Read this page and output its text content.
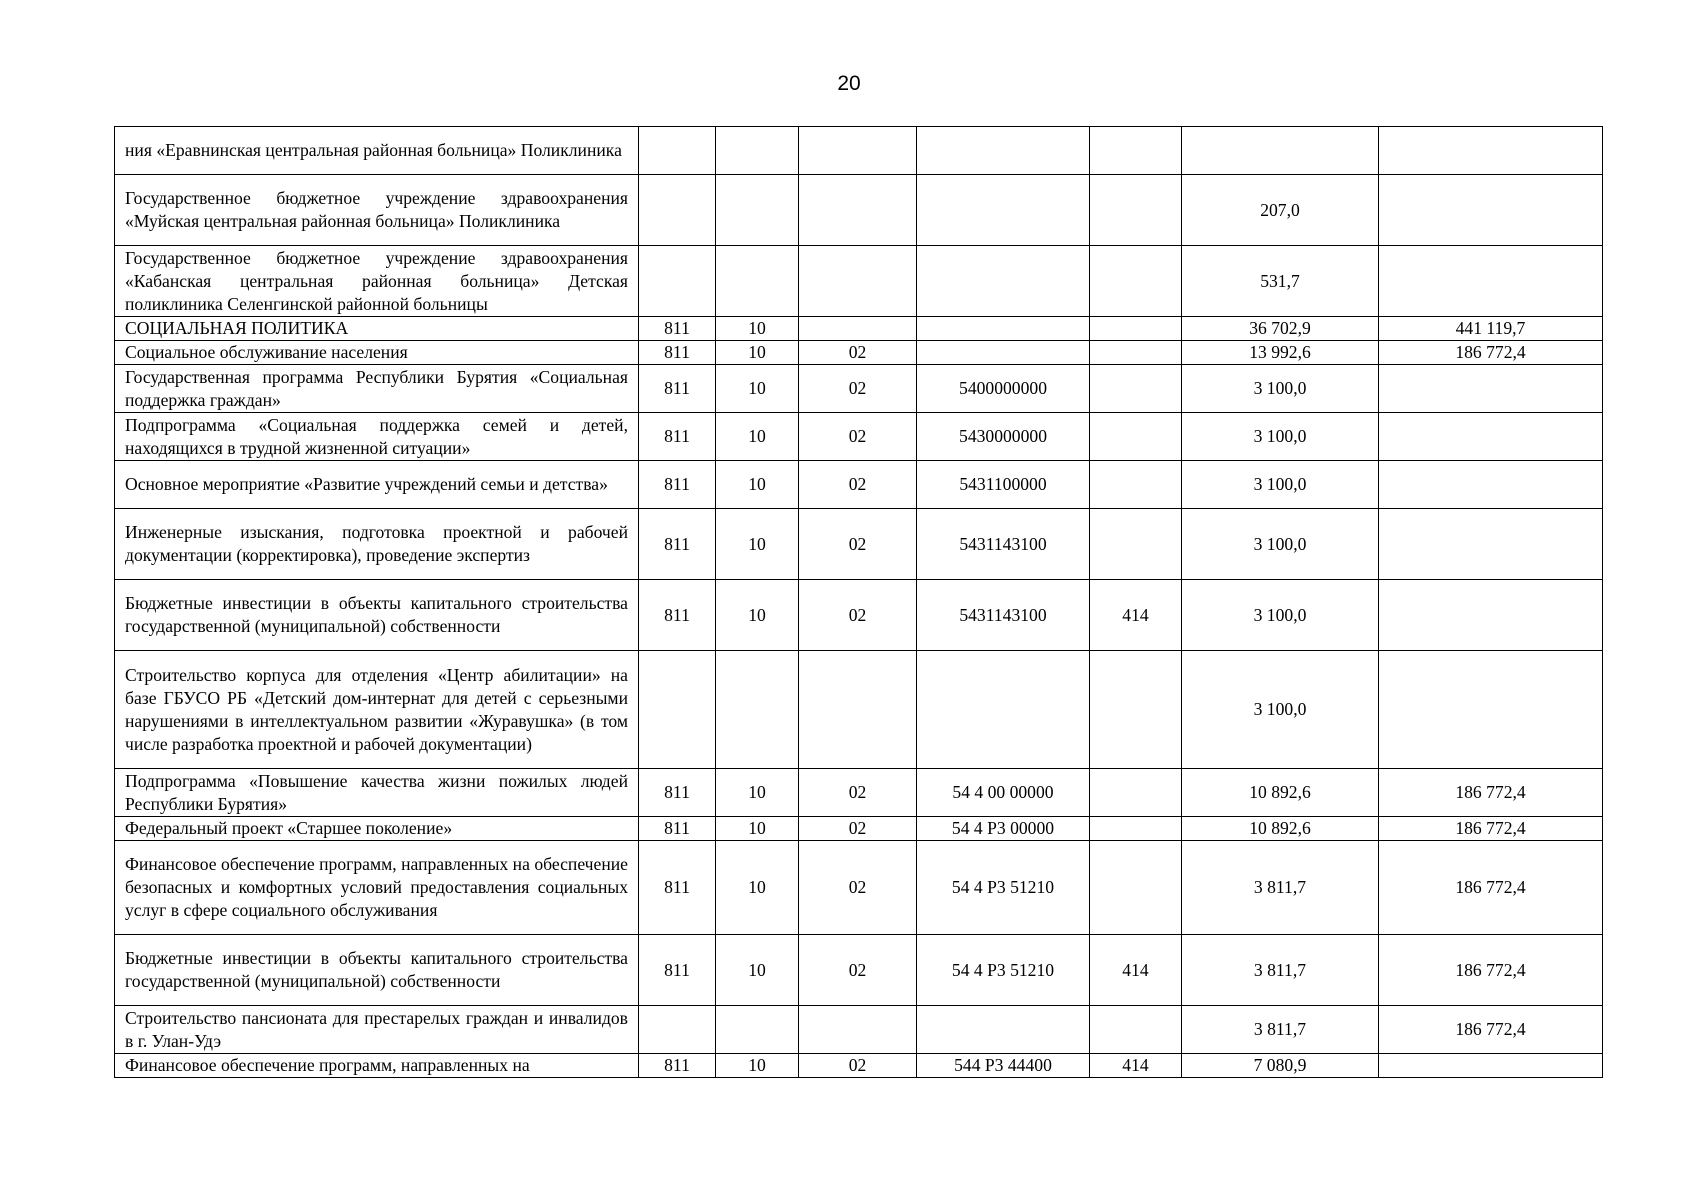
20
ния «Еравнинская центральная районная больница» Поликлиника							
Государственное бюджетное учреждение здравоохранения «Муйская центральная районная больница» Поликлиника						207,0	
Государственное бюджетное учреждение здравоохранения «Кабанская центральная районная больница» Детская поликлиника Селенгинской районной больницы						531,7	
СОЦИАЛЬНАЯ ПОЛИТИКА	811	10				36 702,9	441 119,7
Социальное обслуживание населения	811	10	02			13 992,6	186 772,4
Государственная программа Республики Бурятия «Социальная поддержка граждан»	811	10	02	5400000000		3 100,0	
Подпрограмма «Социальная поддержка семей и детей, находящихся в трудной жизненной ситуации»	811	10	02	5430000000		3 100,0	
Основное мероприятие «Развитие учреждений семьи и детства»	811	10	02	5431100000		3 100,0	
Инженерные изыскания, подготовка проектной и рабочей документации (корректировка), проведение экспертиз	811	10	02	5431143100		3 100,0	
Бюджетные инвестиции в объекты капитального строительства государственной (муниципальной) собственности	811	10	02	5431143100	414	3 100,0	
Строительство корпуса для отделения «Центр абилитации» на базе ГБУСО РБ «Детский дом-интернат для детей с серьезными нарушениями в интеллектуальном развитии «Журавушка» (в том числе разработка проектной и рабочей документации)						3 100,0	
Подпрограмма «Повышение качества жизни пожилых людей Республики Бурятия»	811	10	02	54 4 00 00000		10 892,6	186 772,4
Федеральный проект «Старшее поколение»	811	10	02	54 4 P3 00000		10 892,6	186 772,4
Финансовое обеспечение программ, направленных на обеспечение безопасных и комфортных условий предоставления социальных услуг в сфере социального обслуживания	811	10	02	54 4 P3 51210		3 811,7	186 772,4
Бюджетные инвестиции в объекты капитального строительства государственной (муниципальной) собственности	811	10	02	54 4 P3 51210	414	3 811,7	186 772,4
Строительство пансионата для престарелых граждан и инвалидов в г. Улан-Удэ						3 811,7	186 772,4
Финансовое обеспечение программ, направленных на	811	10	02	544 P3 44400	414	7 080,9	
